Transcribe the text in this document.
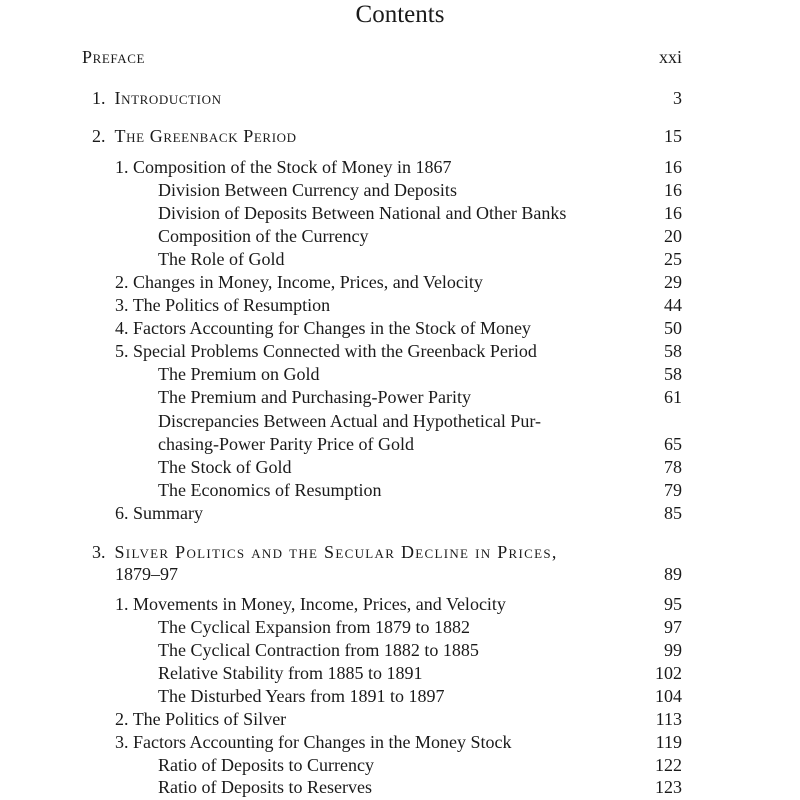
Contents
Preface	xxi
1. Introduction	3
2. The Greenback Period	15
1. Composition of the Stock of Money in 1867	16
Division Between Currency and Deposits	16
Division of Deposits Between National and Other Banks	16
Composition of the Currency	20
The Role of Gold	25
2. Changes in Money, Income, Prices, and Velocity	29
3. The Politics of Resumption	44
4. Factors Accounting for Changes in the Stock of Money	50
5. Special Problems Connected with the Greenback Period	58
The Premium on Gold	58
The Premium and Purchasing-Power Parity	61
Discrepancies Between Actual and Hypothetical Pur-
chasing-Power Parity Price of Gold	65
The Stock of Gold	78
The Economics of Resumption	79
6. Summary	85
3. Silver Politics and the Secular Decline in Prices,
1879–97	89
1. Movements in Money, Income, Prices, and Velocity	95
The Cyclical Expansion from 1879 to 1882	97
The Cyclical Contraction from 1882 to 1885	99
Relative Stability from 1885 to 1891	102
The Disturbed Years from 1891 to 1897	104
2. The Politics of Silver	113
3. Factors Accounting for Changes in the Money Stock	119
Ratio of Deposits to Currency	122
Ratio of Deposits to Reserves	123
